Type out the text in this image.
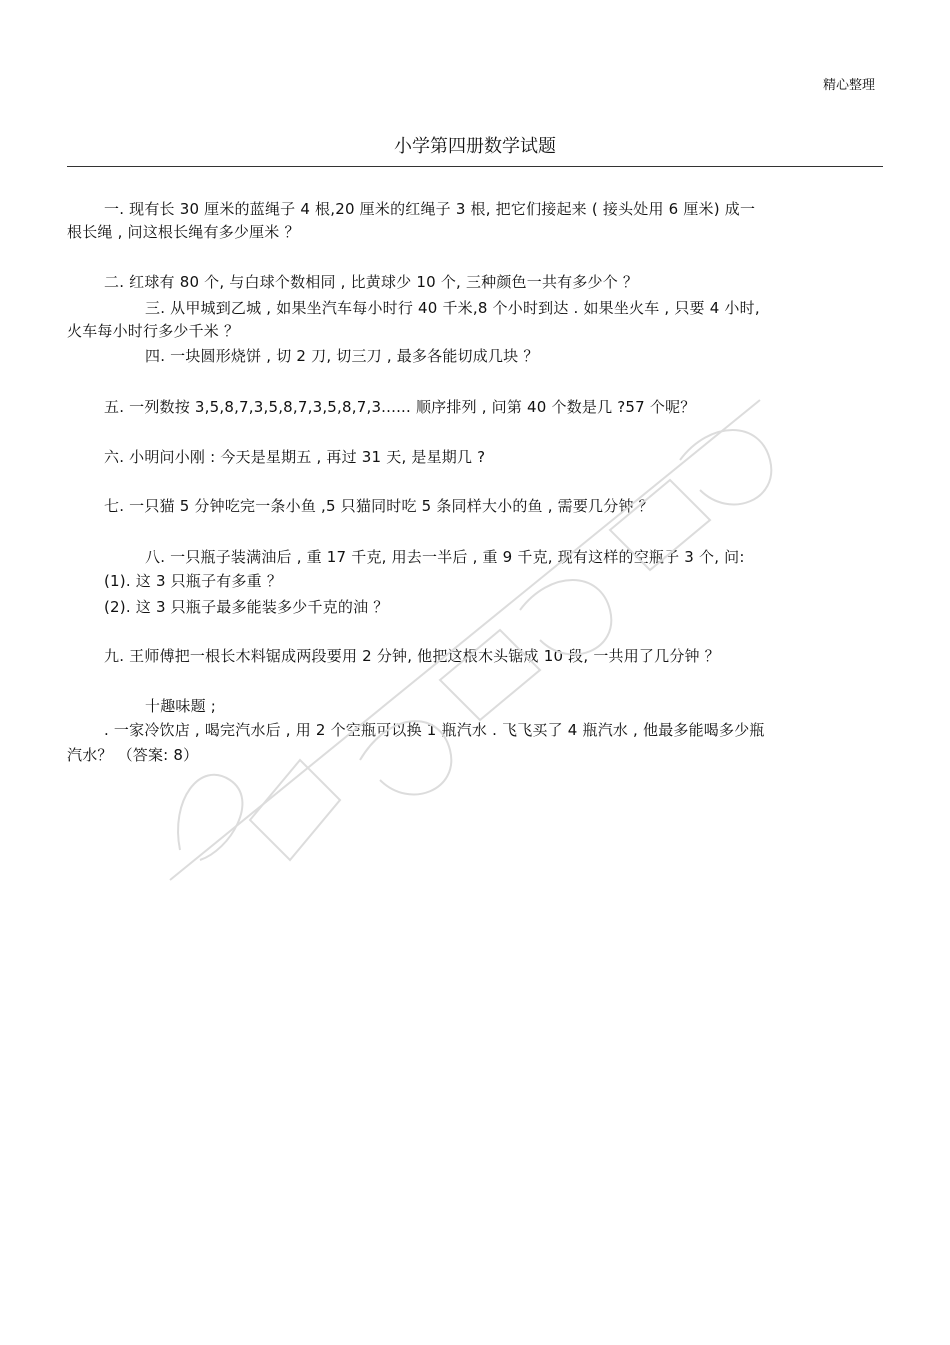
精心整理
小学第四册数学试题
一. 现有长 30 厘米的蓝绳子 4 根,20 厘米的红绳子 3 根, 把它们接起来 ( 接头处用 6 厘米) 成一
根长绳 , 问这根长绳有多少厘米 ？
二. 红球有 80 个, 与白球个数相同 , 比黄球少 10 个, 三种颜色一共有多少个 ？
三. 从甲城到乙城 , 如果坐汽车每小时行 40 千米,8 个小时到达 . 如果坐火车 , 只要 4 小时,
火车每小时行多少千米 ？
四. 一块圆形烧饼 , 切 2 刀, 切三刀 , 最多各能切成几块 ？
五. 一列数按 3,5,8,7,3,5,8,7,3,5,8,7,3...... 顺序排列 , 问第 40 个数是几 ?57 个呢？
六. 小明问小刚 : 今天是星期五 , 再过 31 天, 是星期几 ?
七. 一只猫 5 分钟吃完一条小鱼 ,5 只猫同时吃 5 条同样大小的鱼 , 需要几分钟 ？
八. 一只瓶子装满油后 , 重 17 千克, 用去一半后 , 重 9 千克, 现有这样的空瓶子 3 个, 问:
(1). 这 3 只瓶子有多重 ？
(2). 这 3 只瓶子最多能装多少千克的油 ？
九. 王师傅把一根长木料锯成两段要用 2 分钟, 他把这根木头锯成 10 段, 一共用了几分钟 ？
十趣味题 ;
. 一家冷饮店 , 喝完汽水后 , 用 2 个空瓶可以换 1 瓶汽水 . 飞飞买了 4 瓶汽水 , 他最多能喝多少瓶
汽水？ （答案: 8）
